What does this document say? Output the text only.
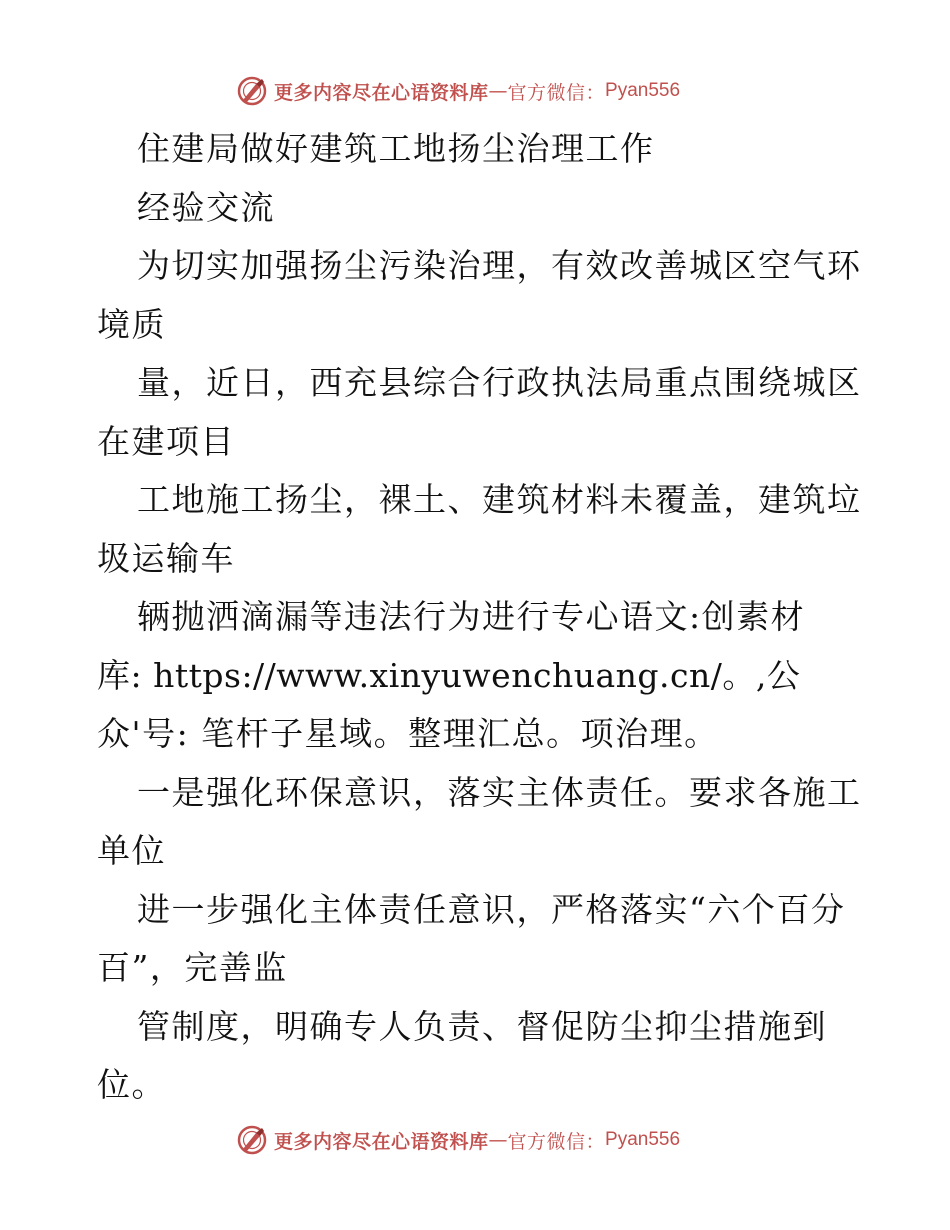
更多内容尽在心语资料库 — 官方微信： Pyan556
住建局做好建筑工地扬尘治理工作
经验交流
为切实加强扬尘污染治理，有效改善城区空气环
境质
量，近日，西充县综合行政执法局重点围绕城区
在建项目
工地施工扬尘，裸土、建筑材料未覆盖，建筑垃
圾运输车
辆抛洒滴漏等违法行为进行专心语文:创素材
库: https://www.xinyuwenchuang.cn/。,公
众'号: 笔杆子星域。整理汇总。项治理。
一是强化环保意识，落实主体责任。要求各施工
单位
进一步强化主体责任意识，严格落实“六个百分
百”，完善监
管制度，明确专人负责、督促防尘抑尘措施到
位。
更多内容尽在心语资料库 — 官方微信： Pyan556
